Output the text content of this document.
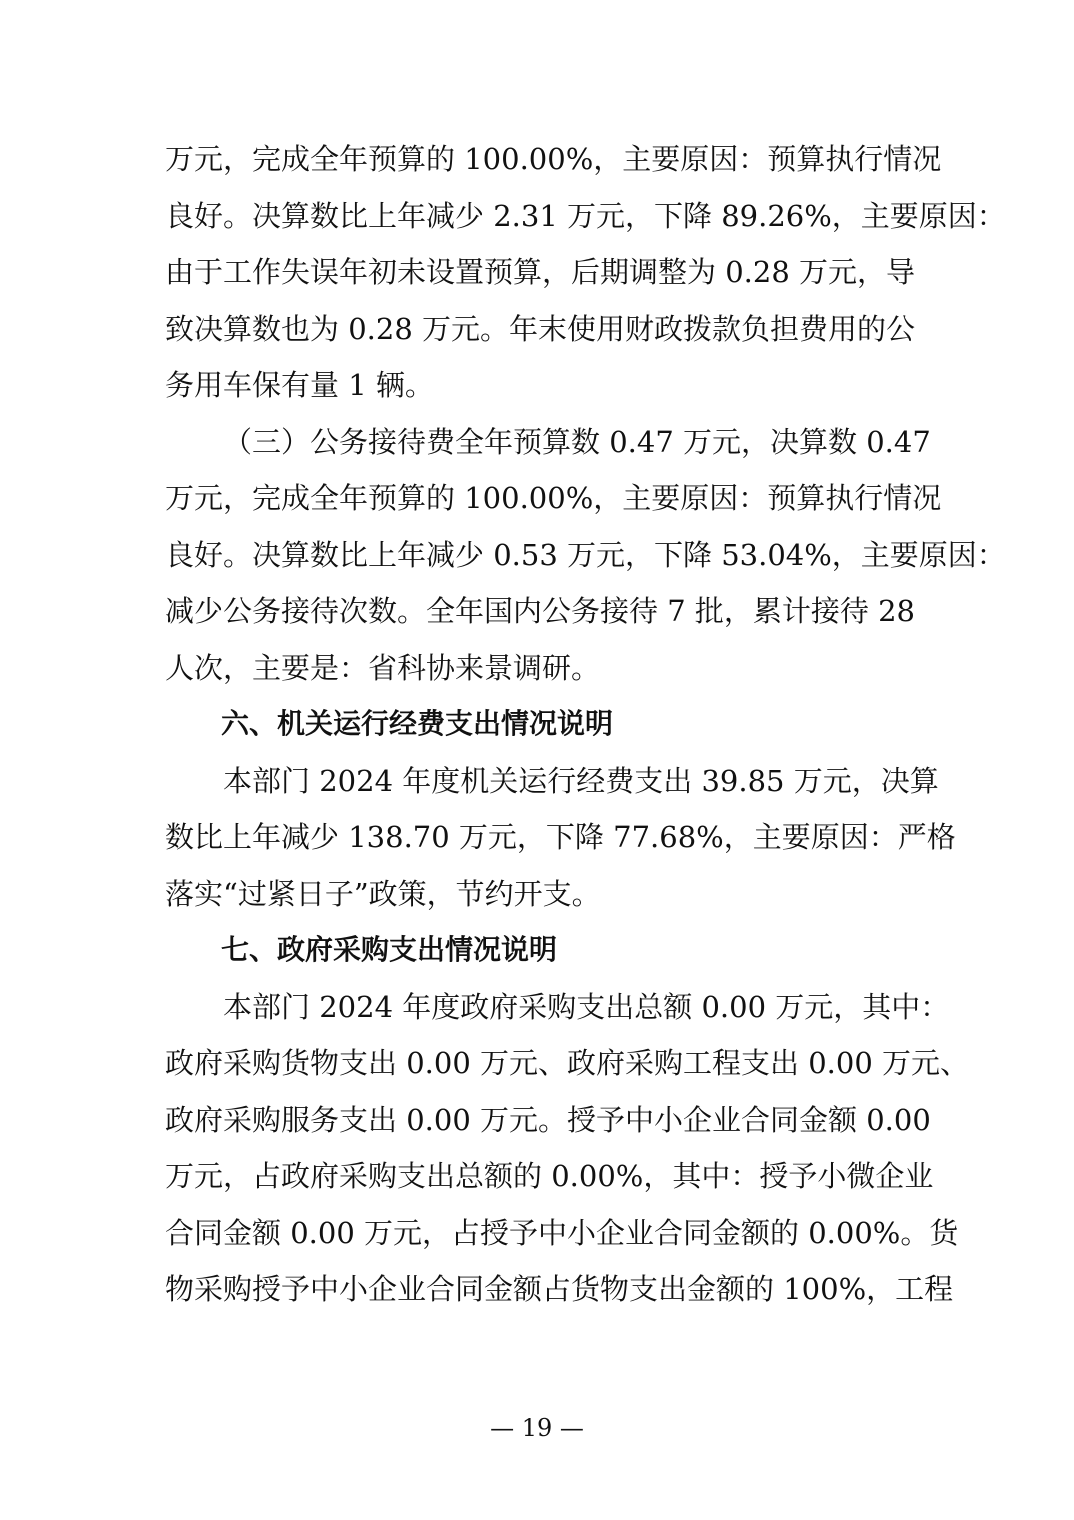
万元，完成全年预算的 100.00%，主要原因：预算执行情况
良好。决算数比上年减少 2.31 万元，下降 89.26%，主要原因：
由于工作失误年初未设置预算，后期调整为 0.28 万元，导
致决算数也为 0.28 万元。年末使用财政拨款负担费用的公
务用车保有量 1 辆。
（三）公务接待费全年预算数 0.47 万元，决算数 0.47
万元，完成全年预算的 100.00%，主要原因：预算执行情况
良好。决算数比上年减少 0.53 万元，下降 53.04%，主要原因：
减少公务接待次数。全年国内公务接待 7 批，累计接待 28
人次，主要是：省科协来景调研。
六、机关运行经费支出情况说明
本部门 2024 年度机关运行经费支出 39.85 万元，决算
数比上年减少 138.70 万元，下降 77.68%，主要原因：严格
落实“过紧日子”政策，节约开支。
七、政府采购支出情况说明
本部门 2024 年度政府采购支出总额 0.00 万元，其中：
政府采购货物支出 0.00 万元、政府采购工程支出 0.00 万元、
政府采购服务支出 0.00 万元。授予中小企业合同金额 0.00
万元，占政府采购支出总额的 0.00%，其中：授予小微企业
合同金额 0.00 万元，占授予中小企业合同金额的 0.00%。货
物采购授予中小企业合同金额占货物支出金额的 100%，工程
— 19 —
